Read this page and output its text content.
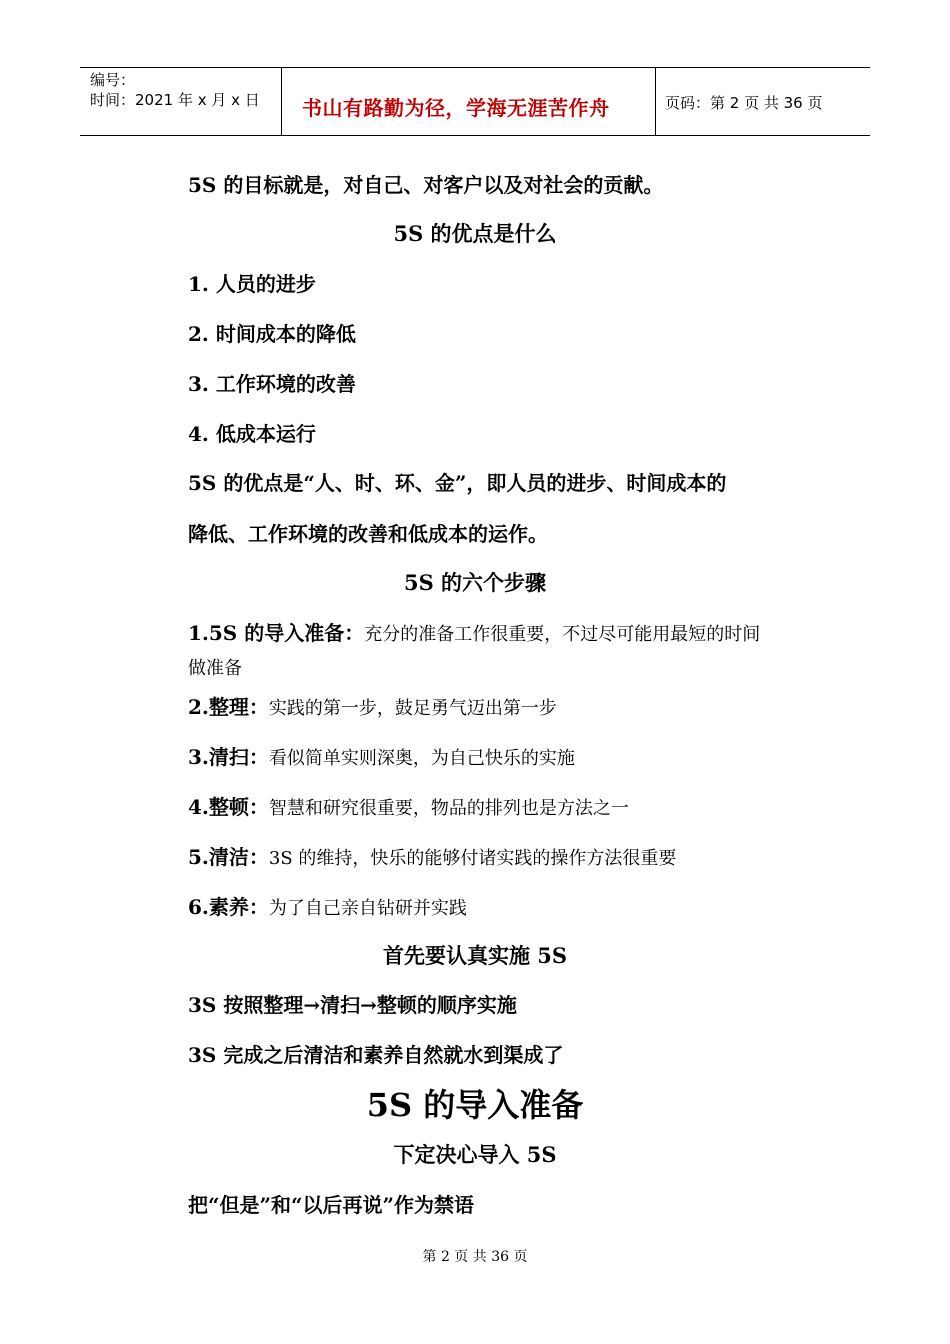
编号：
时间：2021 年 x 月 x 日 书山有路勤为径，学海无涯苦作舟	页码：第 2 页 共 36 页
5S 的目标就是，对自己、对客户以及对社会的贡献。
5S 的优点是什么
1. 人员的进步
2. 时间成本的降低
3. 工作环境的改善
4. 低成本运行
5S 的优点是“人、时、环、金”，即人员的进步、时间成本的
降低、工作环境的改善和低成本的运作。
5S 的六个步骤
1.5S 的导入准备：充分的准备工作很重要，不过尽可能用最短的时间
做准备
2.整理：实践的第一步，鼓足勇气迈出第一步
3.清扫：看似简单实则深奥，为自己快乐的实施
4.整顿：智慧和研究很重要，物品的排列也是方法之一
5.清洁：3S 的维持，快乐的能够付诸实践的操作方法很重要
6.素养：为了自己亲自钻研并实践
首先要认真实施 5S
3S 按照整理→清扫→整顿的顺序实施
3S 完成之后清洁和素养自然就水到渠成了
5S 的导入准备
下定决心导入 5S
把“但是”和“以后再说”作为禁语
第 2 页 共 36 页
